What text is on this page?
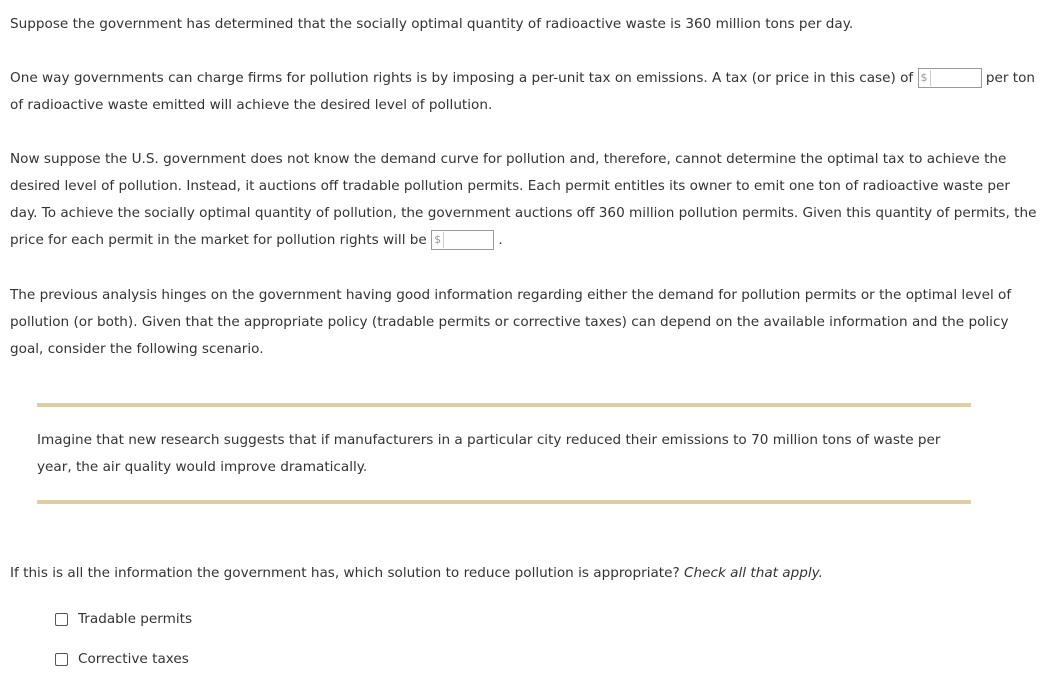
Suppose the government has determined that the socially optimal quantity of radioactive waste is 360 million tons per day.

One way governments can charge firms for pollution rights is by imposing a per-unit tax on emissions. A tax (or price in this case) of $	per ton

of radioactive waste emitted will achieve the desired level of pollution.

Now suppose the U.S. government does not know the demand curve for pollution and, therefore, cannot determine the optimal tax to achieve the

desired level of pollution. Instead, it auctions off tradable pollution permits. Each permit entitles its owner to emit one ton of radioactive waste per

day. To achieve the socially optimal quantity of pollution, the government auctions off 360 million pollution permits. Given this quantity of permits, the

price for each permit in the market for pollution rights will be $	.

The previous analysis hinges on the government having good information regarding either the demand for pollution permits or the optimal level of

pollution (or both). Given that the appropriate policy (tradable permits or corrective taxes) can depend on the available information and the policy

goal, consider the following scenario.

Imagine that new research suggests that if manufacturers in a particular city reduced their emissions to 70 million tons of waste per

year, the air quality would improve dramatically.

If this is all the information the government has, which solution to reduce pollution is appropriate? Check all that apply.

Tradable permits
Corrective taxes
